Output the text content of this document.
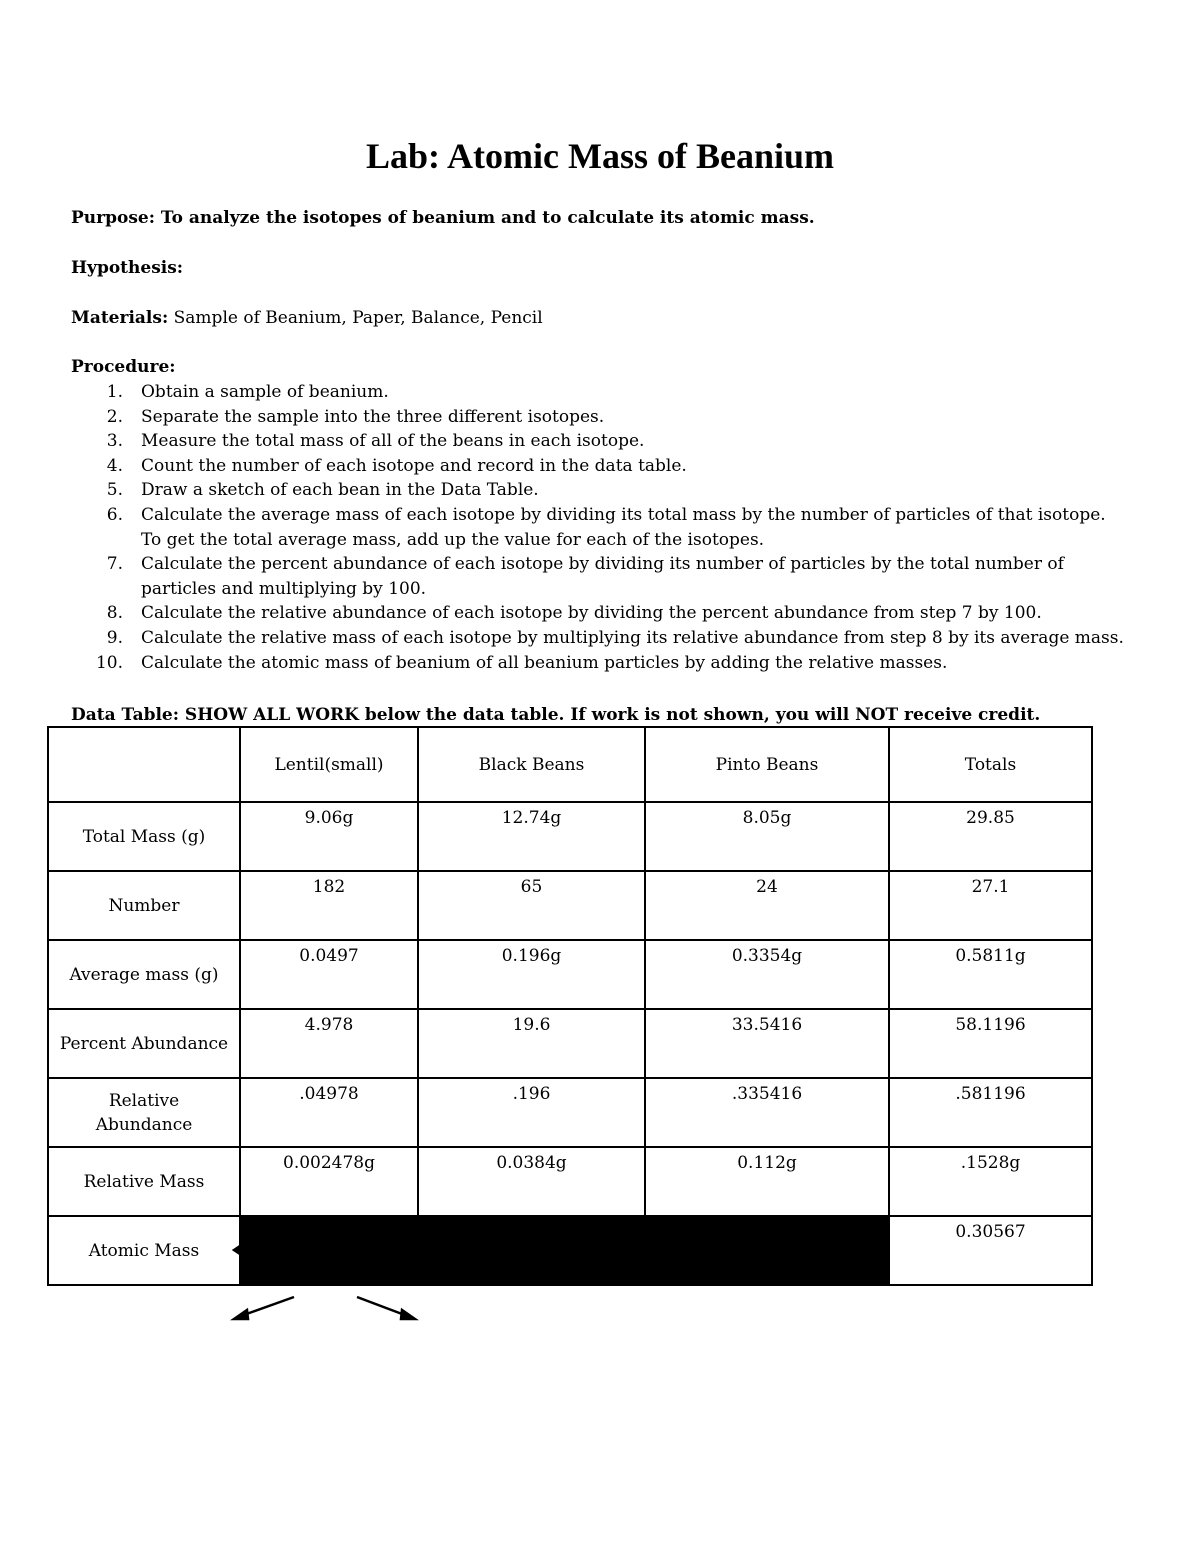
Lab: Atomic Mass of Beanium
Purpose: To analyze the isotopes of beanium and to calculate its atomic mass.
Hypothesis:
Materials: Sample of Beanium, Paper, Balance, Pencil
Procedure:
1. Obtain a sample of beanium.
2. Separate the sample into the three different isotopes.
3. Measure the total mass of all of the beans in each isotope.
4. Count the number of each isotope and record in the data table.
5. Draw a sketch of each bean in the Data Table.
6. Calculate the average mass of each isotope by dividing its total mass by the number of particles of that isotope.
To get the total average mass, add up the value for each of the isotopes.
7. Calculate the percent abundance of each isotope by dividing its number of particles by the total number of
particles and multiplying by 100.
8. Calculate the relative abundance of each isotope by dividing the percent abundance from step 7 by 100.
9. Calculate the relative mass of each isotope by multiplying its relative abundance from step 8 by its average mass.
10. Calculate the atomic mass of beanium of all beanium particles by adding the relative masses.
Data Table: SHOW ALL WORK below the data table. If work is not shown, you will NOT receive credit.
	Lentil(small)	Black Beans	Pinto Beans	Totals
Total Mass (g)	9.06g	12.74g	8.05g	29.85
Number	182	65	24	27.1
Average mass (g)	0.0497	0.196g	0.3354g	0.5811g
Percent Abundance	4.978	19.6	33.5416	58.1196

Relative Abundance	.04978	.196	.335416	.581196
Relative Mass	0.002478g	0.0384g	0.112g	.1528g
Atomic Mass				0.30567
